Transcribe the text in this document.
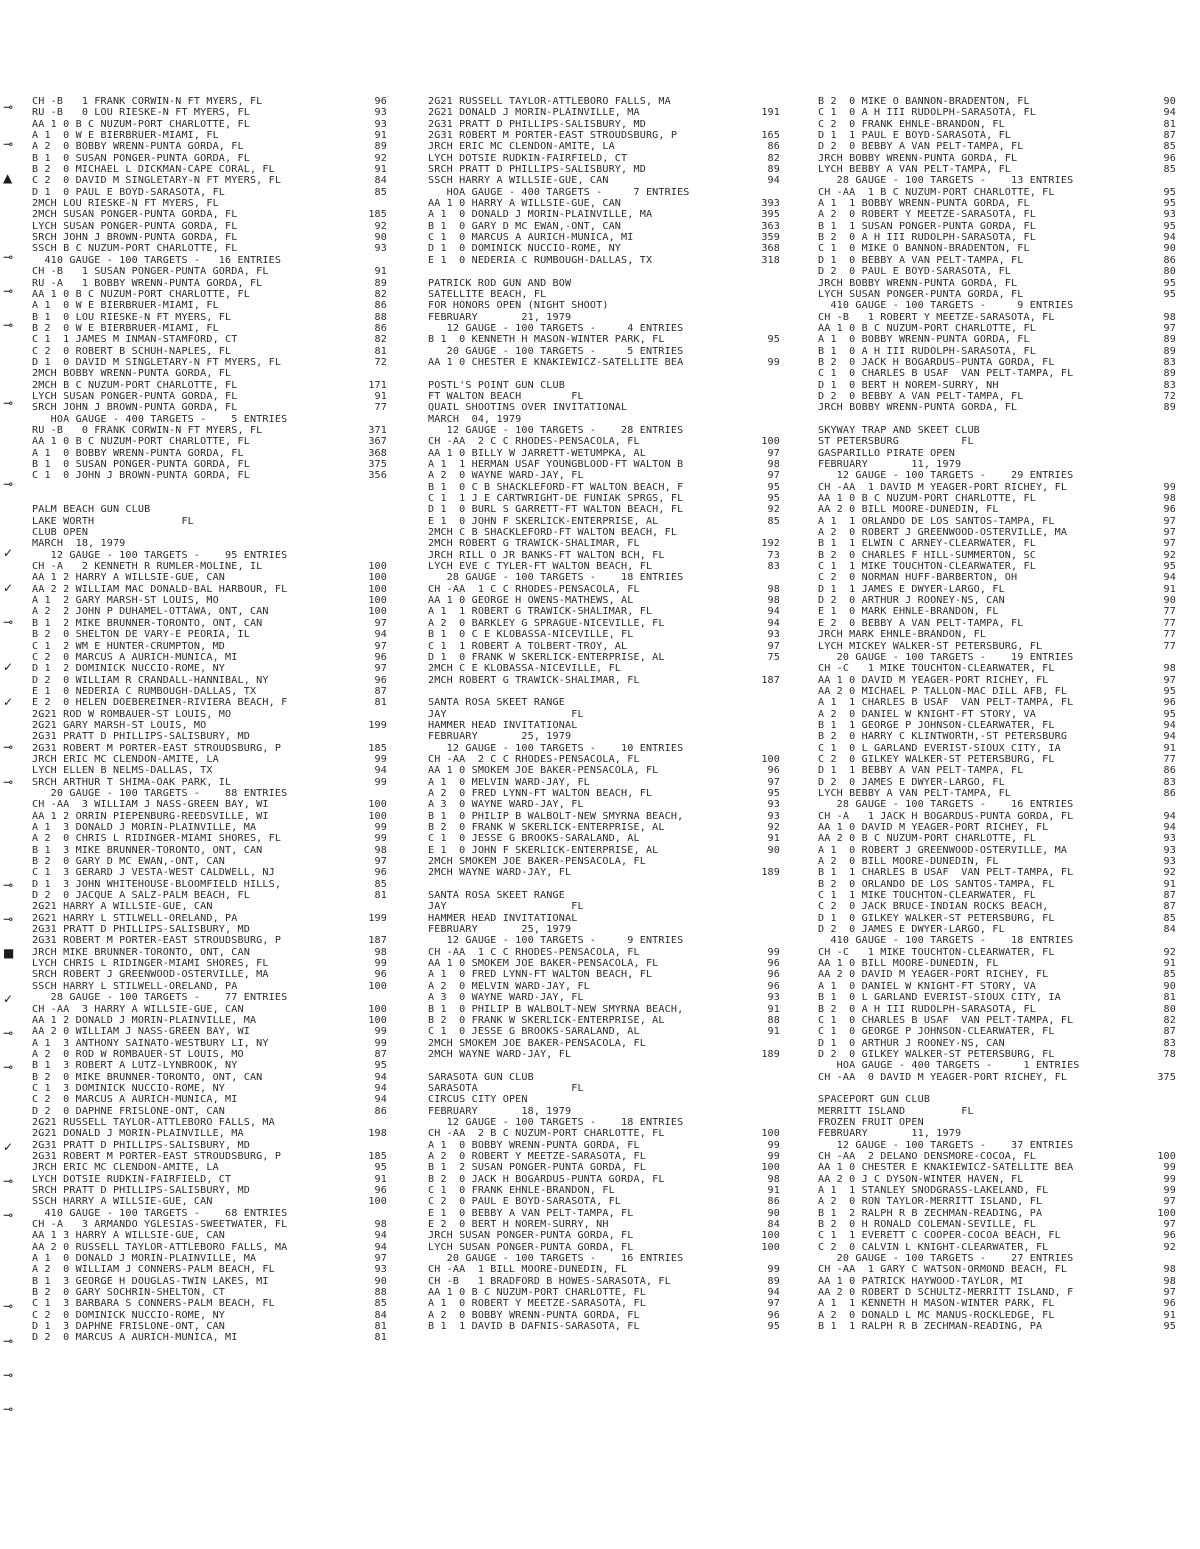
CH -B   1 FRANK CORWIN-N FT MYERS, FL	96
RU -B   0 LOU RIESKE-N FT MYERS, FL	93
AA 1 0 B C NUZUM-PORT CHARLOTTE, FL	93
A 1  0 W E BIERBRUER-MIAMI, FL	91
A 2  0 BOBBY WRENN-PUNTA GORDA, FL	89
B 1  0 SUSAN PONGER-PUNTA GORDA, FL	92
B 2  0 MICHAEL L DICKMAN-CAPE CORAL, FL	91
C 2  0 DAVID M SINGLETARY-N FT MYERS, FL	84
D 1  0 PAUL E BOYD-SARASOTA, FL	85
2MCH LOU RIESKE-N FT MYERS, FL
2MCH SUSAN PONGER-PUNTA GORDA, FL	185
LYCH SUSAN PONGER-PUNTA GORDA, FL	92
SRCH JOHN J BROWN-PUNTA GORDA, FL	90
SSCH B C NUZUM-PORT CHARLOTTE, FL	93
410 GAUGE - 100 TARGETS -   16 ENTRIES
CH -B   1 SUSAN PONGER-PUNTA GORDA, FL	91
RU -A   1 BOBBY WRENN-PUNTA GORDA, FL	89
AA 1 0 B C NUZUM-PORT CHARLOTTE, FL	82
A 1  0 W E BIERBRUER-MIAMI, FL	86
B 1  0 LOU RIESKE-N FT MYERS, FL	88
B 2  0 W E BIERBRUER-MIAMI, FL	86
C 1  1 JAMES M INMAN-STAMFORD, CT	82
C 2  0 ROBERT B SCHUH-NAPLES, FL	81
D 1  0 DAVID M SINGLETARY-N FT MYERS, FL	72
2MCH BOBBY WRENN-PUNTA GORDA, FL
2MCH B C NUZUM-PORT CHARLOTTE, FL	171
LYCH SUSAN PONGER-PUNTA GORDA, FL	91
SRCH JOHN J BROWN-PUNTA GORDA, FL	77
HOA GAUGE - 400 TARGETS -    5 ENTRIES
RU -B   0 FRANK CORWIN-N FT MYERS, FL	371
AA 1 0 B C NUZUM-PORT CHARLOTTE, FL	367
A 1  0 BOBBY WRENN-PUNTA GORDA, FL	368
B 1  0 SUSAN PONGER-PUNTA GORDA, FL	375
C 1  0 JOHN J BROWN-PUNTA GORDA, FL	356
PALM BEACH GUN CLUB
LAKE WORTH              FL
CLUB OPEN
MARCH  18, 1979
12 GAUGE - 100 TARGETS -    95 ENTRIES
CH -A   2 KENNETH R RUMLER-MOLINE, IL	100
AA 1 2 HARRY A WILLSIE-GUE, CAN	100
AA 2 2 WILLIAM MAC DONALD-BAL HARBOUR, FL	100
A 1  2 GARY MARSH-ST LOUIS, MO	100
A 2  2 JOHN P DUHAMEL-OTTAWA, ONT, CAN	100
B 1  2 MIKE BRUNNER-TORONTO, ONT, CAN	97
B 2  0 SHELTON DE VARY-E PEORIA, IL	94
C 1  2 WM E HUNTER-CRUMPTON, MD	97
C 2  0 MARCUS A AURICH-MUNICA, MI	96
D 1  2 DOMINICK NUCCIO-ROME, NY	97
D 2  0 WILLIAM R CRANDALL-HANNIBAL, NY	96
E 1  0 NEDERIA C RUMBOUGH-DALLAS, TX	87
E 2  0 HELEN DOEBEREINER-RIVIERA BEACH, F	81
2G21 ROD W ROMBAUER-ST LOUIS, MO
2G21 GARY MARSH-ST LOUIS, MO	199
2G31 PRATT D PHILLIPS-SALISBURY, MD
2G31 ROBERT M PORTER-EAST STROUDSBURG, P	185
JRCH ERIC MC CLENDON-AMITE, LA	99
LYCH ELLEN B NELMS-DALLAS, TX	94
SRCH ARTHUR T SHIMA-OAK PARK, IL	99
20 GAUGE - 100 TARGETS -    88 ENTRIES
CH -AA  3 WILLIAM J NASS-GREEN BAY, WI	100
AA 1 2 ORRIN PIEPENBURG-REEDSVILLE, WI	100
A 1  3 DONALD J MORIN-PLAINVILLE, MA	99
A 2  0 CHRIS L RIDINGER-MIAMI SHORES, FL	99
B 1  3 MIKE BRUNNER-TORONTO, ONT, CAN	98
B 2  0 GARY D MC EWAN,-ONT, CAN	97
C 1  3 GERARD J VESTA-WEST CALDWELL, NJ	96
D 1  3 JOHN WHITEHOUSE-BLOOMFIELD HILLS,	85
D 2  0 JACQUE A SALZ-PALM BEACH, FL	81
2G21 HARRY A WILLSIE-GUE, CAN
2G21 HARRY L STILWELL-ORELAND, PA	199
2G31 PRATT D PHILLIPS-SALISBURY, MD
2G31 ROBERT M PORTER-EAST STROUDSBURG, P	187
JRCH MIKE BRUNNER-TORONTO, ONT, CAN	98
LYCH CHRIS L RIDINGER-MIAMI SHORES, FL	99
SRCH ROBERT J GREENWOOD-OSTERVILLE, MA	96
SSCH HARRY L STILWELL-ORELAND, PA	100
28 GAUGE - 100 TARGETS -    77 ENTRIES
CH -AA  3 HARRY A WILLSIE-GUE, CAN	100
AA 1 2 DONALD J MORIN-PLAINVILLE, MA	100
AA 2 0 WILLIAM J NASS-GREEN BAY, WI	99
A 1  3 ANTHONY SAINATO-WESTBURY LI, NY	99
A 2  0 ROD W ROMBAUER-ST LOUIS, MO	87
B 1  3 ROBERT A LUTZ-LYNBROOK, NY	95
B 2  0 MIKE BRUNNER-TORONTO, ONT, CAN	94
C 1  3 DOMINICK NUCCIO-ROME, NY	94
C 2  0 MARCUS A AURICH-MUNICA, MI	94
D 2  0 DAPHNE FRISLONE-ONT, CAN	86
2G21 RUSSELL TAYLOR-ATTLEBORO FALLS, MA
2G21 DONALD J MORIN-PLAINVILLE, MA	198
2G31 PRATT D PHILLIPS-SALISBURY, MD
2G31 ROBERT M PORTER-EAST STROUDSBURG, P	185
JRCH ERIC MC CLENDON-AMITE, LA	95
LYCH DOTSIE RUDKIN-FAIRFIELD, CT	91
SRCH PRATT D PHILLIPS-SALISBURY, MD	96
SSCH HARRY A WILLSIE-GUE, CAN	100
410 GAUGE - 100 TARGETS -    68 ENTRIES
CH -A   3 ARMANDO YGLESIAS-SWEETWATER, FL	98
AA 1 3 HARRY A WILLSIE-GUE, CAN	94
AA 2 0 RUSSELL TAYLOR-ATTLEBORO FALLS, MA	94
A 1  0 DONALD J MORIN-PLAINVILLE, MA	97
A 2  0 WILLIAM J CONNERS-PALM BEACH, FL	93
B 1  3 GEORGE H DOUGLAS-TWIN LAKES, MI	90
B 2  0 GARY SOCHRIN-SHELTON, CT	88
C 1  3 BARBARA S CONNERS-PALM BEACH, FL	85
C 2  0 DOMINICK NUCCIO-ROME, NY	84
D 1  3 DAPHNE FRISLONE-ONT, CAN	81
D 2  0 MARCUS A AURICH-MUNICA, MI	81
2G21 RUSSELL TAYLOR-ATTLEBORO FALLS, MA
2G21 DONALD J MORIN-PLAINVILLE, MA	191
2G31 PRATT D PHILLIPS-SALISBURY, MD
2G31 ROBERT M PORTER-EAST STROUDSBURG, P	165
JRCH ERIC MC CLENDON-AMITE, LA	86
LYCH DOTSIE RUDKIN-FAIRFIELD, CT	82
SRCH PRATT D PHILLIPS-SALISBURY, MD	89
SSCH HARRY A WILLSIE-GUE, CAN	94
HOA GAUGE - 400 TARGETS -     7 ENTRIES
AA 1 0 HARRY A WILLSIE-GUE, CAN	393
A 1  0 DONALD J MORIN-PLAINVILLE, MA	395
B 1  0 GARY D MC EWAN,-ONT, CAN	363
C 1  0 MARCUS A AURICH-MUNICA, MI	359
D 1  0 DOMINICK NUCCIO-ROME, NY	368
E 1  0 NEDERIA C RUMBOUGH-DALLAS, TX	318
PATRICK ROD GUN AND BOW
SATELLITE BEACH, FL
FOR HONORS OPEN (NIGHT SHOOT)
FEBRUARY       21, 1979
12 GAUGE - 100 TARGETS -     4 ENTRIES
B 1  0 KENNETH H MASON-WINTER PARK, FL	95
20 GAUGE - 100 TARGETS -     5 ENTRIES
AA 1 0 CHESTER E KNAKIEWICZ-SATELLITE BEA	99
POSTL'S POINT GUN CLUB
FT WALTON BEACH        FL
QUAIL SHOOTINS OVER INVITATIONAL
MARCH  04, 1979
12 GAUGE - 100 TARGETS -    28 ENTRIES
CH -AA  2 C C RHODES-PENSACOLA, FL	100
AA 1 0 BILLY W JARRETT-WETUMPKA, AL	97
A 1  1 HERMAN USAF YOUNGBLOOD-FT WALTON B	98
A 2  0 WAYNE WARD-JAY, FL	97
B 1  0 C B SHACKLEFORD-FT WALTON BEACH, F	95
C 1  1 J E CARTWRIGHT-DE FUNIAK SPRGS, FL	95
D 1  0 BURL S GARRETT-FT WALTON BEACH, FL	92
E 1  0 JOHN F SKERLICK-ENTERPRISE, AL	85
2MCH C B SHACKLEFORD-FT WALTON BEACH, FL
2MCH ROBERT G TRAWICK-SHALIMAR, FL	192
JRCH RILL O JR BANKS-FT WALTON BCH, FL	73
LYCH EVE C TYLER-FT WALTON BEACH, FL	83
28 GAUGE - 100 TARGETS -    18 ENTRIES
CH -AA  1 C C RHODES-PENSACOLA, FL	98
AA 1 0 GEORGE H OWENS-MATHEWS, AL	98
A 1  1 ROBERT G TRAWICK-SHALIMAR, FL	94
A 2  0 BARKLEY G SPRAGUE-NICEVILLE, FL	94
B 1  0 C E KLOBASSA-NICEVILLE, FL	93
C 1  1 ROBERT A TOLBERT-TROY, AL	97
D 1  0 FRANK W SKERLICK-ENTERPRISE, AL	75
2MCH C E KLOBASSA-NICEVILLE, FL
2MCH ROBERT G TRAWICK-SHALIMAR, FL	187
SANTA ROSA SKEET RANGE
JAY                    FL
HAMMER HEAD INVITATIONAL
FEBRUARY       25, 1979
12 GAUGE - 100 TARGETS -    10 ENTRIES
CH -AA  2 C C RHODES-PENSACOLA, FL	100
AA 1 0 SMOKEM JOE BAKER-PENSACOLA, FL	96
A 1  0 MELVIN WARD-JAY, FL	97
A 2  0 FRED LYNN-FT WALTON BEACH, FL	95
A 3  0 WAYNE WARD-JAY, FL	93
B 1  0 PHILIP B WALBOLT-NEW SMYRNA BEACH,	93
B 2  0 FRANK W SKERLICK-ENTERPRISE, AL	92
C 1  0 JESSE G BROOKS-SARALAND, AL	91
E 1  0 JOHN F SKERLICK-ENTERPRISE, AL	90
2MCH SMOKEM JOE BAKER-PENSACOLA, FL
2MCH WAYNE WARD-JAY, FL	189
SANTA ROSA SKEET RANGE
JAY                    FL
HAMMER HEAD INVITATIONAL
FEBRUARY       25, 1979
12 GAUGE - 100 TARGETS -     9 ENTRIES
CH -AA  1 C C RHODES-PENSACOLA, FL	99
AA 1 0 SMOKEM JOE BAKER-PENSACOLA, FL	96
A 1  0 FRED LYNN-FT WALTON BEACH, FL	96
A 2  0 MELVIN WARD-JAY, FL	96
A 3  0 WAYNE WARD-JAY, FL	93
B 1  0 PHILIP B WALBOLT-NEW SMYRNA BEACH,	91
B 2  0 FRANK W SKERLICK-ENTERPRISE, AL	88
C 1  0 JESSE G BROOKS-SARALAND, AL	91
2MCH SMOKEM JOE BAKER-PENSACOLA, FL
2MCH WAYNE WARD-JAY, FL	189
SARASOTA GUN CLUB
SARASOTA               FL
CIRCUS CITY OPEN
FEBRUARY       18, 1979
12 GAUGE - 100 TARGETS -    18 ENTRIES
CH -AA  2 B C NUZUM-PORT CHARLOTTE, FL	100
A 1  0 BOBBY WRENN-PUNTA GORDA, FL	99
A 2  0 ROBERT Y MEETZE-SARASOTA, FL	99
B 1  2 SUSAN PONGER-PUNTA GORDA, FL	100
B 2  0 JACK H BOGARDUS-PUNTA GORDA, FL	98
C 1  0 FRANK EHNLE-BRANDON, FL	91
C 2  0 PAUL E BOYD-SARASOTA, FL	86
E 1  0 BEBBY A VAN PELT-TAMPA, FL	90
E 2  0 BERT H NOREM-SURRY, NH	84
JRCH SUSAN PONGER-PUNTA GORDA, FL	100
LYCH SUSAN PONGER-PUNTA GORDA, FL	100
20 GAUGE - 100 TARGETS -    16 ENTRIES
CH -AA  1 BILL MOORE-DUNEDIN, FL	99
CH -B   1 BRADFORD B HOWES-SARASOTA, FL	89
AA 1 0 B C NUZUM-PORT CHARLOTTE, FL	94
A 1  0 ROBERT Y MEETZE-SARASOTA, FL	97
A 2  0 BOBBY WRENN-PUNTA GORDA, FL	96
B 1  1 DAVID B DAFNIS-SARASOTA, FL	95
B 2  0 MIKE O BANNON-BRADENTON, FL	90
C 1  0 A H III RUDOLPH-SARASOTA, FL	94
C 2  0 FRANK EHNLE-BRANDON, FL	81
D 1  1 PAUL E BOYD-SARASOTA, FL	87
D 2  0 BEBBY A VAN PELT-TAMPA, FL	85
JRCH BOBBY WRENN-PUNTA GORDA, FL	96
LYCH BEBBY A VAN PELT-TAMPA, FL	85
28 GAUGE - 100 TARGETS -    13 ENTRIES
CH -AA  1 B C NUZUM-PORT CHARLOTTE, FL	95
A 1  1 BOBBY WRENN-PUNTA GORDA, FL	95
A 2  0 ROBERT Y MEETZE-SARASOTA, FL	93
B 1  1 SUSAN PONGER-PUNTA GORDA, FL	95
B 2  0 A H III RUDOLPH-SARASOTA, FL	94
C 1  0 MIKE O BANNON-BRADENTON, FL	90
D 1  0 BEBBY A VAN PELT-TAMPA, FL	86
D 2  0 PAUL E BOYD-SARASOTA, FL	80
JRCH BOBBY WRENN-PUNTA GORDA, FL	95
LYCH SUSAN PONGER-PUNTA GORDA, FL	95
410 GAUGE - 100 TARGETS -     9 ENTRIES
CH -B   1 ROBERT Y MEETZE-SARASOTA, FL	98
AA 1 0 B C NUZUM-PORT CHARLOTTE, FL	97
A 1  0 BOBBY WRENN-PUNTA GORDA, FL	89
B 1  0 A H III RUDOLPH-SARASOTA, FL	89
B 2  0 JACK H BOGARDUS-PUNTA GORDA, FL	83
C 1  0 CHARLES B USAF  VAN PELT-TAMPA, FL	89
D 1  0 BERT H NOREM-SURRY, NH	83
D 2  0 BEBBY A VAN PELT-TAMPA, FL	72
JRCH BOBBY WRENN-PUNTA GORDA, FL	89
SKYWAY TRAP AND SKEET CLUB
ST PETERSBURG          FL
GASPARILLO PIRATE OPEN
FEBRUARY       11, 1979
12 GAUGE - 100 TARGETS -    29 ENTRIES
CH -AA  1 DAVID M YEAGER-PORT RICHEY, FL	99
AA 1 0 B C NUZUM-PORT CHARLOTTE, FL	98
AA 2 0 BILL MOORE-DUNEDIN, FL	96
A 1  1 ORLANDO DE LOS SANTOS-TAMPA, FL	97
A 2  0 ROBERT J GREENWOOD-OSTERVILLE, MA	97
B 1  1 ELWIN C ARNEY-CLEARWATER, FL	97
B 2  0 CHARLES F HILL-SUMMERTON, SC	92
C 1  1 MIKE TOUCHTON-CLEARWATER, FL	95
C 2  0 NORMAN HUFF-BARBERTON, OH	94
D 1  1 JAMES E DWYER-LARGO, FL	91
D 2  0 ARTHUR J ROONEY-NS, CAN	90
E 1  0 MARK EHNLE-BRANDON, FL	77
E 2  0 BEBBY A VAN PELT-TAMPA, FL	77
JRCH MARK EHNLE-BRANDON, FL	77
LYCH MICKEY WALKER-ST PETERSBURG, FL	77
20 GAUGE - 100 TARGETS -    19 ENTRIES
CH -C   1 MIKE TOUCHTON-CLEARWATER, FL	98
AA 1 0 DAVID M YEAGER-PORT RICHEY, FL	97
AA 2 0 MICHAEL P TALLON-MAC DILL AFB, FL	95
A 1  1 CHARLES B USAF  VAN PELT-TAMPA, FL	96
A 2  0 DANIEL W KNIGHT-FT STORY, VA	95
B 1  1 GEORGE P JOHNSON-CLEARWATER, FL	94
B 2  0 HARRY C KLINTWORTH,-ST PETERSBURG	94
C 1  0 L GARLAND EVERIST-SIOUX CITY, IA	91
C 2  0 GILKEY WALKER-ST PETERSBURG, FL	77
D 1  1 BEBBY A VAN PELT-TAMPA, FL	86
D 2  0 JAMES E DWYER-LARGO, FL	83
LYCH BEBBY A VAN PELT-TAMPA, FL	86
28 GAUGE - 100 TARGETS -    16 ENTRIES
CH -A   1 JACK H BOGARDUS-PUNTA GORDA, FL	94
AA 1 0 DAVID M YEAGER-PORT RICHEY, FL	94
AA 2 0 B C NUZUM-PORT CHARLOTTE, FL	93
A 1  0 ROBERT J GREENWOOD-OSTERVILLE, MA	93
A 2  0 BILL MOORE-DUNEDIN, FL	93
B 1  1 CHARLES B USAF  VAN PELT-TAMPA, FL	92
B 2  0 ORLANDO DE LOS SANTOS-TAMPA, FL	91
C 1  1 MIKE TOUCHTON-CLEARWATER, FL	87
C 2  0 JACK BRUCE-INDIAN ROCKS BEACH,	87
D 1  0 GILKEY WALKER-ST PETERSBURG, FL	85
D 2  0 JAMES E DWYER-LARGO, FL	84
410 GAUGE - 100 TARGETS -    18 ENTRIES
CH -C   1 MIKE TOUCHTON-CLEARWATER, FL	92
AA 1 0 BILL MOORE-DUNEDIN, FL	91
AA 2 0 DAVID M YEAGER-PORT RICHEY, FL	85
A 1  0 DANIEL W KNIGHT-FT STORY, VA	90
B 1  0 L GARLAND EVERIST-SIOUX CITY, IA	81
B 2  0 A H III RUDOLPH-SARASOTA, FL	80
C 1  0 CHARLES B USAF  VAN PELT-TAMPA, FL	82
C 1  0 GEORGE P JOHNSON-CLEARWATER, FL	87
D 1  0 ARTHUR J ROONEY-NS, CAN	83
D 2  0 GILKEY WALKER-ST PETERSBURG, FL	78
HOA GAUGE - 400 TARGETS -     1 ENTRIES
CH -AA  0 DAVID M YEAGER-PORT RICHEY, FL	375
SPACEPORT GUN CLUB
MERRITT ISLAND         FL
FROZEN FRUIT OPEN
FEBRUARY       11, 1979
12 GAUGE - 100 TARGETS -    37 ENTRIES
CH -AA  2 DELANO DENSMORE-COCOA, FL	100
AA 1 0 CHESTER E KNAKIEWICZ-SATELLITE BEA	99
AA 2 0 J C DYSON-WINTER HAVEN, FL	99
A 1  1 STANLEY SNODGRASS-LAKELAND, FL	99
A 2  0 RON TAYLOR-MERRITT ISLAND, FL	97
B 1  2 RALPH R B ZECHMAN-READING, PA	100
B 2  0 H RONALD COLEMAN-SEVILLE, FL	97
C 1  1 EVERETT C COOPER-COCOA BEACH, FL	96
C 2  0 CALVIN L KNIGHT-CLEARWATER, FL	92
20 GAUGE - 100 TARGETS -    27 ENTRIES
CH -AA  1 GARY C WATSON-ORMOND BEACH, FL	98
AA 1 0 PATRICK HAYWOOD-TAYLOR, MI	98
AA 2 0 ROBERT D SCHULTZ-MERRITT ISLAND, F	97
A 1  1 KENNETH H MASON-WINTER PARK, FL	96
A 2  0 DONALD L MC MANUS-ROCKLEDGE, FL	91
B 1  1 RALPH R B ZECHMAN-READING, PA	95
⊸
⊸
▲
⊸
⊸
⊸
⊸
⊸
✓
✓
⊸
✓
✓
⊸
⊸
⊸
⊸
■
✓
⊸
⊸
✓
⊸
⊸
⊸
⊸
⊸
⊸
